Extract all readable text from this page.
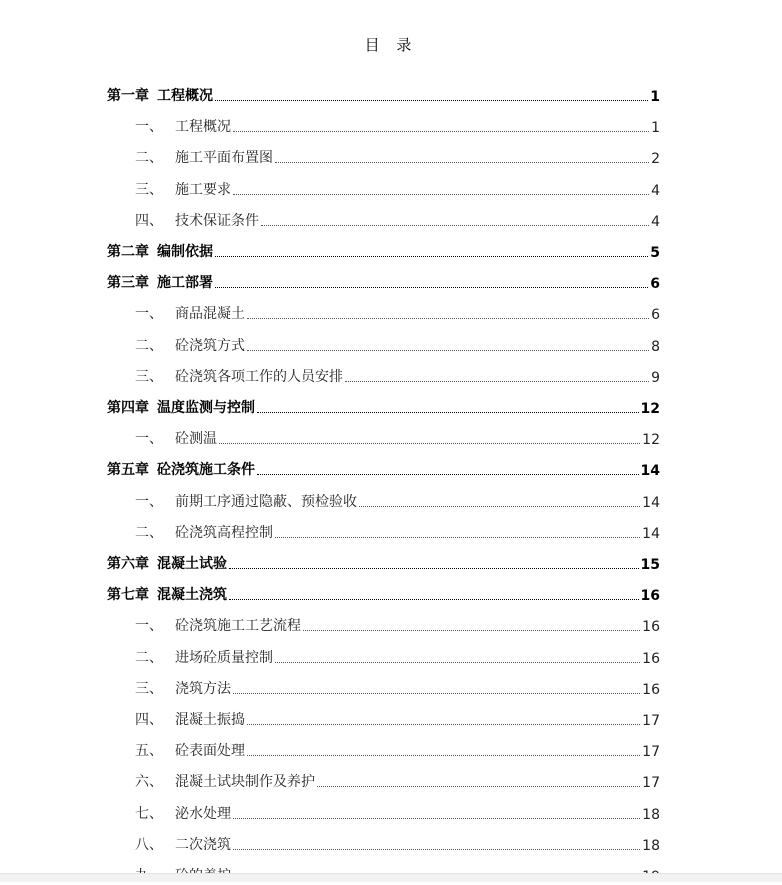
目 录
第一章 工程概况	1
一、 工程概况	1
二、 施工平面布置图	2
三、 施工要求	4
四、 技术保证条件	4
第二章 编制依据	5
第三章 施工部署	6
一、 商品混凝土	6
二、 砼浇筑方式	8
三、 砼浇筑各项工作的人员安排	9
第四章 温度监测与控制	12
一、 砼测温	12
第五章 砼浇筑施工条件	14
一、 前期工序通过隐蔽、预检验收	14
二、 砼浇筑高程控制	14
第六章 混凝土试验	15
第七章 混凝土浇筑	16
一、 砼浇筑施工工艺流程	16
二、 进场砼质量控制	16
三、 浇筑方法	16
四、 混凝土振捣	17
五、 砼表面处理	17
六、 混凝土试块制作及养护	17
七、 泌水处理	18
八、 二次浇筑	18
